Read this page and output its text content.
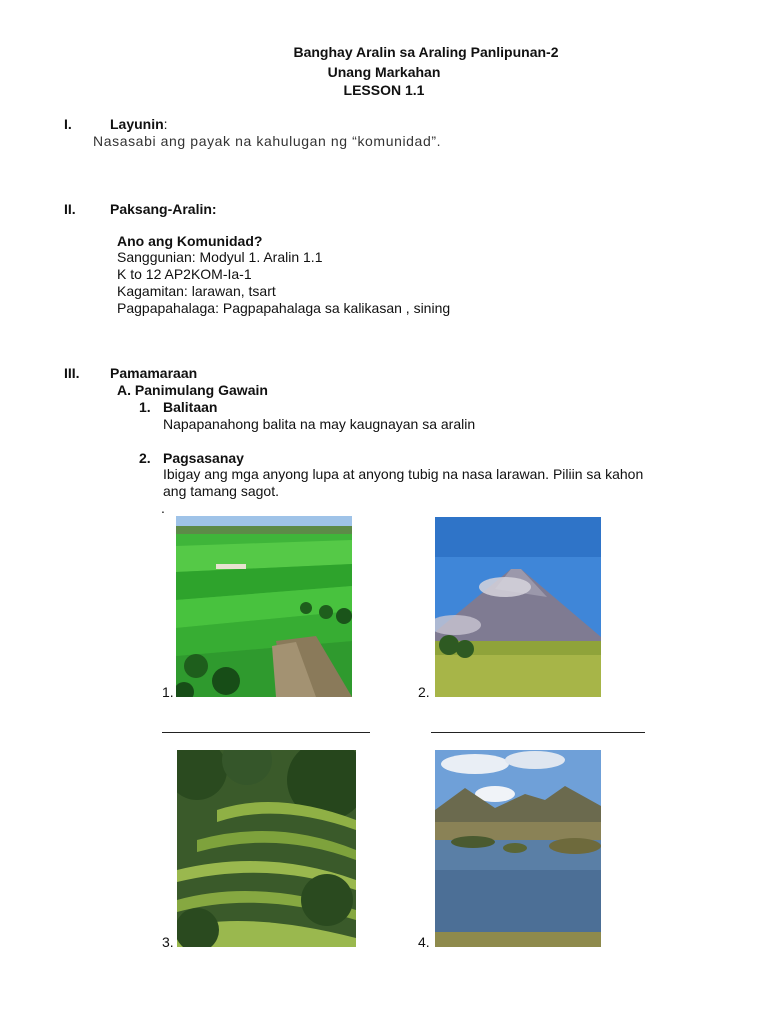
Banghay Aralin sa Araling Panlipunan-2
Unang Markahan
LESSON 1.1
I.	Layunin:
Nasasabi ang payak na kahulugan ng “komunidad”.
II. Paksang-Aralin:
Ano ang Komunidad?
Sanggunian: Modyul 1. Aralin 1.1
K to 12 AP2KOM-Ia-1
Kagamitan: larawan, tsart
Pagpapahalaga: Pagpapahalaga sa kalikasan , sining
III. Pamamaraan
A. Panimulang Gawain
1. Balitaan
Napapanahong balita na may kaugnayan sa aralin
2. Pagsasanay
Ibigay ang mga anyong lupa at anyong tubig na nasa larawan. Piliin sa kahon
ang tamang sagot.
.
1.	2.
3.	4.
